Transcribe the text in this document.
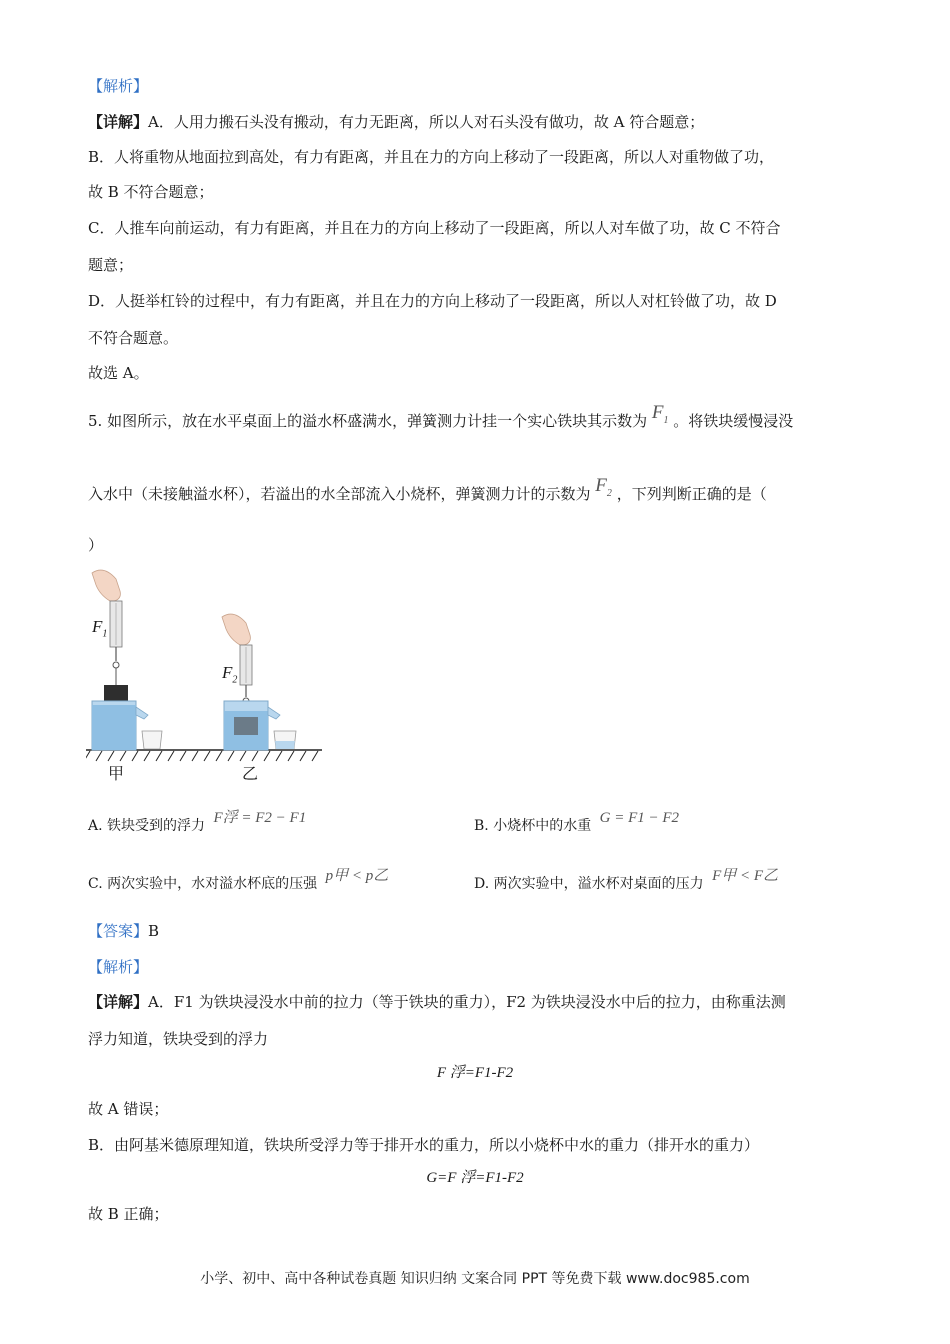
【解析】
【详解】A．人用力搬石头没有搬动，有力无距离，所以人对石头没有做功，故 A 符合题意；
B．人将重物从地面拉到高处，有力有距离，并且在力的方向上移动了一段距离，所以人对重物做了功，
故 B 不符合题意；
C．人推车向前运动，有力有距离，并且在力的方向上移动了一段距离，所以人对车做了功，故 C 不符合
题意；
D．人挺举杠铃的过程中，有力有距离，并且在力的方向上移动了一段距离，所以人对杠铃做了功，故 D
不符合题意。
故选 A。
5. 如图所示，放在水平桌面上的溢水杯盛满水，弹簧测力计挂一个实心铁块其示数为 $F_1$ 。将铁块缓慢浸没
入水中（未接触溢水杯），若溢出的水全部流入小烧杯，弹簧测力计的示数为 $F_2$ ，下列判断正确的是（
）
$F_1$
$F_2$
甲	乙
A. 铁块受到的浮力 F浮 = F2 − F1	B. 小烧杯中的水重 G = F1 − F2
C. 两次实验中，水对溢水杯底的压强 p甲 < p乙	D. 两次实验中，溢水杯对桌面的压力 F甲 < F乙
【答案】B
【解析】
【详解】A．F1 为铁块浸没水中前的拉力（等于铁块的重力），F2 为铁块浸没水中后的拉力，由称重法测
浮力知道，铁块受到的浮力
F 浮=F1-F2
故 A 错误；
B．由阿基米德原理知道，铁块所受浮力等于排开水的重力，所以小烧杯中水的重力（排开水的重力）
G=F 浮=F1-F2
故 B 正确；
小学、初中、高中各种试卷真题 知识归纳 文案合同 PPT 等免费下载 www.doc985.com
